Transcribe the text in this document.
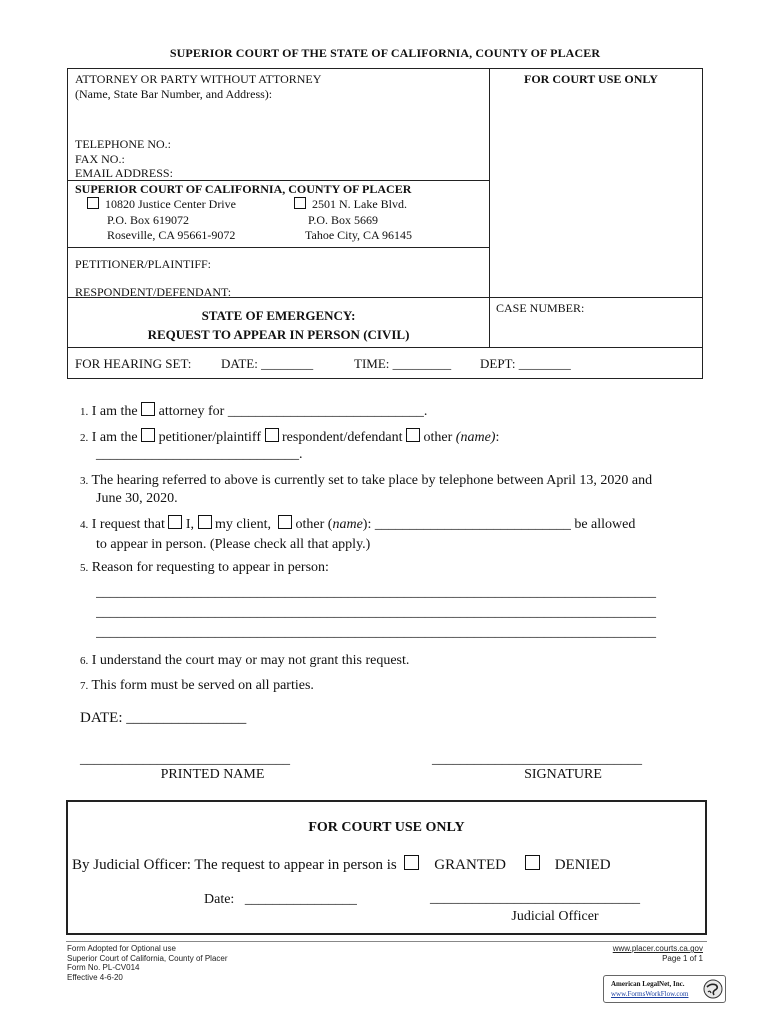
SUPERIOR COURT OF THE STATE OF CALIFORNIA, COUNTY OF PLACER
ATTORNEY OR PARTY WITHOUT ATTORNEY
(Name, State Bar Number, and Address):
FOR COURT USE ONLY
TELEPHONE NO.:
FAX NO.:
EMAIL ADDRESS:
SUPERIOR COURT OF CALIFORNIA, COUNTY OF PLACER
10820 Justice Center Drive
P.O. Box 619072
Roseville, CA 95661-9072
2501 N. Lake Blvd.
P.O. Box 5669
Tahoe City, CA 96145
PETITIONER/PLAINTIFF:
RESPONDENT/DEFENDANT:
STATE OF EMERGENCY:
REQUEST TO APPEAR IN PERSON (CIVIL)
CASE NUMBER:
FOR HEARING SET: DATE: ________	TIME: _________ DEPT: ________
1. I am the attorney for ____________________________.
2. I am the petitioner/plaintiff respondent/defendant other (name):
_____________________________.
3. The hearing referred to above is currently set to take place by telephone between April 13, 2020 and
June 30, 2020.
4. I request that I, my client, other (name): ____________________________ be allowed
to appear in person. (Please check all that apply.)
5. Reason for requesting to appear in person:
________________________________________________________________________________
________________________________________________________________________________
________________________________________________________________________________
6. I understand the court may or may not grant this request.
7. This form must be served on all parties.
DATE: ________________
______________________________
PRINTED NAME
______________________________
SIGNATURE
FOR COURT USE ONLY
By Judicial Officer: The request to appear in person is	GRANTED	DENIED
Date: ________________	______________________________
Judicial Officer
Form Adopted for Optional use
Superior Court of California, County of Placer
Form No. PL-CV014
Effective 4-6-20
www.placer.courts.ca.gov
Page 1 of 1
American LegalNet, Inc.
www.FormsWorkFlow.com
